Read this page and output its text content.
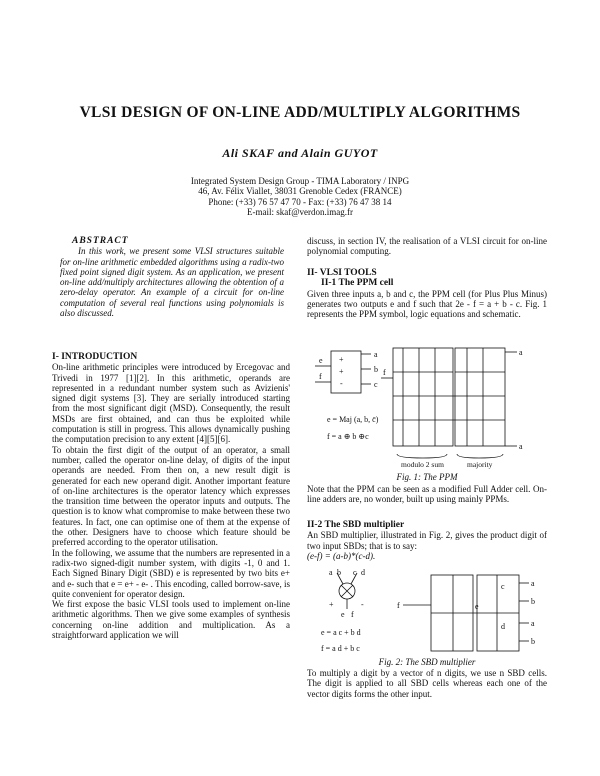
VLSI DESIGN OF ON-LINE ADD/MULTIPLY ALGORITHMS
Ali SKAF and Alain GUYOT
Integrated System Design Group - TIMA Laboratory / INPG
46, Av. Félix Viallet, 38031 Grenoble Cedex (FRANCE)
Phone: (+33) 76 57 47 70 - Fax: (+33) 76 47 38 14
E-mail: skaf@verdon.imag.fr
ABSTRACT
In this work, we present some VLSI structures suitable for on-line arithmetic embedded algorithms using a radix-two fixed point signed digit system. As an application, we present on-line add/multiply architectures allowing the obtention of a zero-delay operator. An example of a circuit for on-line computation of several real functions using polynomials is also discussed.
I- INTRODUCTION
On-line arithmetic principles were introduced by Ercegovac and Trivedi in 1977 [1][2]. In this arithmetic, operands are represented in a redundant number system such as Avizienis' signed digit systems [3]. They are serially introduced starting from the most significant digit (MSD). Consequently, the result MSDs are first obtained, and can thus be exploited while computation is still in progress. This allows dynamically pushing the computation precision to any extent [4][5][6].
To obtain the first digit of the output of an operator, a small number, called the operator on-line delay, of digits of the input operands are needed. From then on, a new result digit is generated for each new operand digit. Another important feature of on-line architectures is the operator latency which expresses the transition time between the operator inputs and outputs. The question is to know what compromise to make between these two features. In fact, one can optimise one of them at the expense of the other. Designers have to choose which feature should be preferred according to the operator utilisation.
In the following, we assume that the numbers are represented in a radix-two signed-digit number system, with digits -1, 0 and 1. Each Signed Binary Digit (SBD) e is represented by two bits e+ and e- such that e = e+ - e- . This encoding, called borrow-save, is quite convenient for operator design.
We first expose the basic VLSI tools used to implement on-line arithmetic algorithms. Then we give some examples of synthesis concerning on-line addition and multiplication. As a straightforward application we will
discuss, in section IV, the realisation of a VLSI circuit for on-line polynomial computing.
II- VLSI TOOLS
II-1 The PPM cell
Given three inputs a, b and c, the PPM cell (for Plus Plus Minus) generates two outputs e and f such that 2e - f = a + b - c. Fig. 1 represents the PPM symbol, logic equations and schematic.
e
f
+
+
-
a
b
c
e = Maj (a, b, c̄)
f = a ⊕ b ⊕c
a
a
f
modulo 2 sum	majority
Fig. 1: The PPM
Note that the PPM can be seen as a modified Full Adder cell. On-line adders are, no wonder, built up using mainly PPMs.
II-2 The SBD multiplier
An SBD multiplier, illustrated in Fig. 2, gives the product digit of two input SBDs; that is to say:
(e-f) = (a-b)*(c-d).
a b c d
+	-
e f
e = a c + b d
f = a d + b c
f
a
b
a
b
c
d
e
Fig. 2: The SBD multiplier
To multiply a digit by a vector of n digits, we use n SBD cells. The digit is applied to all SBD cells whereas each one of the vector digits forms the other input.
